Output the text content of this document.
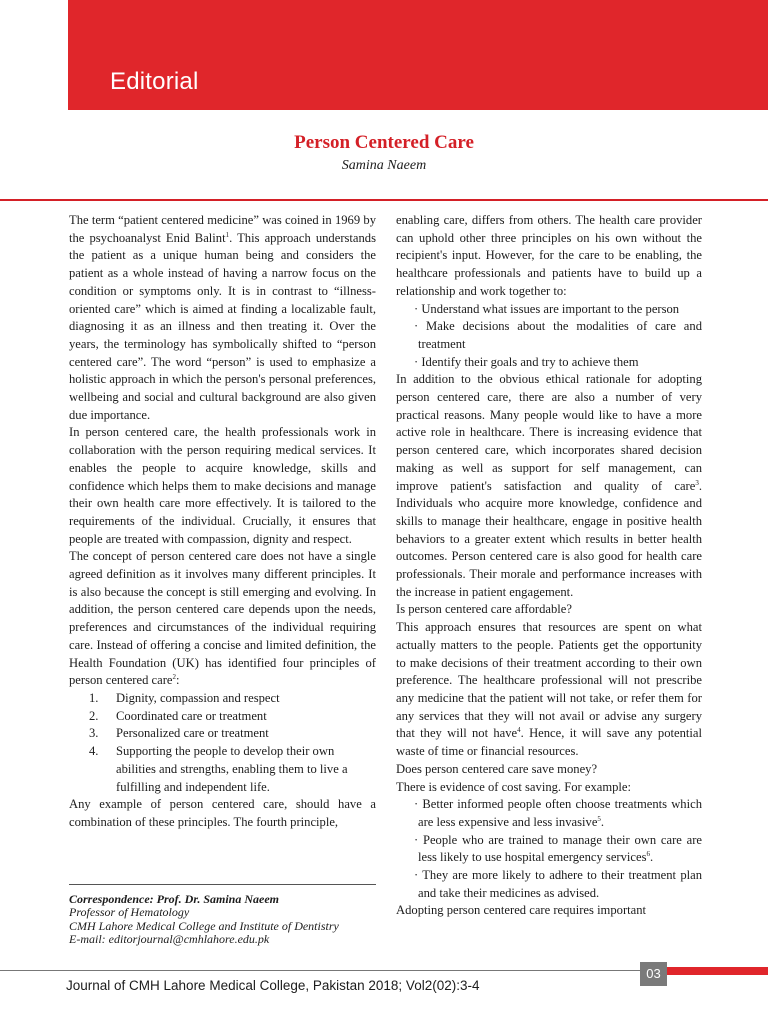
Editorial
Person Centered Care
Samina Naeem

The term “patient centered medicine” was coined in 1969 by the psychoanalyst Enid Balint$^1$. This approach understands the patient as a unique human being and considers the patient as a whole instead of having a narrow focus on the condition or symptoms only. It is in contrast to “illness-oriented care” which is aimed at finding a localizable fault, diagnosing it as an illness and then treating it. Over the years, the terminology has symbolically shifted to “person centered care”. The word “person” is used to emphasize a holistic approach in which the person's personal preferences, wellbeing and social and cultural background are also given due importance.

In person centered care, the health professionals work in collaboration with the person requiring medical services. It enables the people to acquire knowledge, skills and confidence which helps them to make decisions and manage their own health care more effectively. It is tailored to the requirements of the individual. Crucially, it ensures that people are treated with compassion, dignity and respect.

The concept of person centered care does not have a single agreed definition as it involves many different principles. It is also because the concept is still emerging and evolving. In addition, the person centered care depends upon the needs, preferences and circumstances of the individual requiring care. Instead of offering a concise and limited definition, the Health Foundation (UK) has identified four principles of person centered care$^2$:

1. Dignity, compassion and respect
2. Coordinated care or treatment
3. Personalized care or treatment
4. Supporting the people to develop their own abilities and strengths, enabling them to live a fulfilling and independent life.

Any example of person centered care, should have a combination of these principles. The fourth principle,

enabling care, differs from others. The health care provider can uphold other three principles on his own without the recipient's input. However, for the care to be enabling, the healthcare professionals and patients have to build up a relationship and work together to:

· Understand what issues are important to the person
· Make decisions about the modalities of care and treatment
· Identify their goals and try to achieve them

In addition to the obvious ethical rationale for adopting person centered care, there are also a number of very practical reasons. Many people would like to have a more active role in healthcare. There is increasing evidence that person centered care, which incorporates shared decision making as well as support for self management, can improve patient's satisfaction and quality of care$^3$. Individuals who acquire more knowledge, confidence and skills to manage their healthcare, engage in positive health behaviors to a greater extent which results in better health outcomes. Person centered care is also good for health care professionals. Their morale and performance increases with the increase in patient engagement.

Is person centered care affordable?

This approach ensures that resources are spent on what actually matters to the people. Patients get the opportunity to make decisions of their treatment according to their own preference. The healthcare professional will not prescribe any medicine that the patient will not take, or refer them for any services that they will not avail or advise any surgery that they will not have$^4$. Hence, it will save any potential waste of time or financial resources.

Does person centered care save money?

There is evidence of cost saving. For example:

· Better informed people often choose treatments which are less expensive and less invasive$^5$.
· People who are trained to manage their own care are less likely to use hospital emergency services$^6$.
· They are more likely to adhere to their treatment plan and take their medicines as advised.

Adopting person centered care requires important

Correspondence: Prof. Dr. Samina Naeem
Professor of Hematology
CMH Lahore Medical College and Institute of Dentistry
E-mail: editorjournal@cmhlahore.edu.pk
03
Journal of CMH Lahore Medical College, Pakistan 2018; Vol2(02):3-4
